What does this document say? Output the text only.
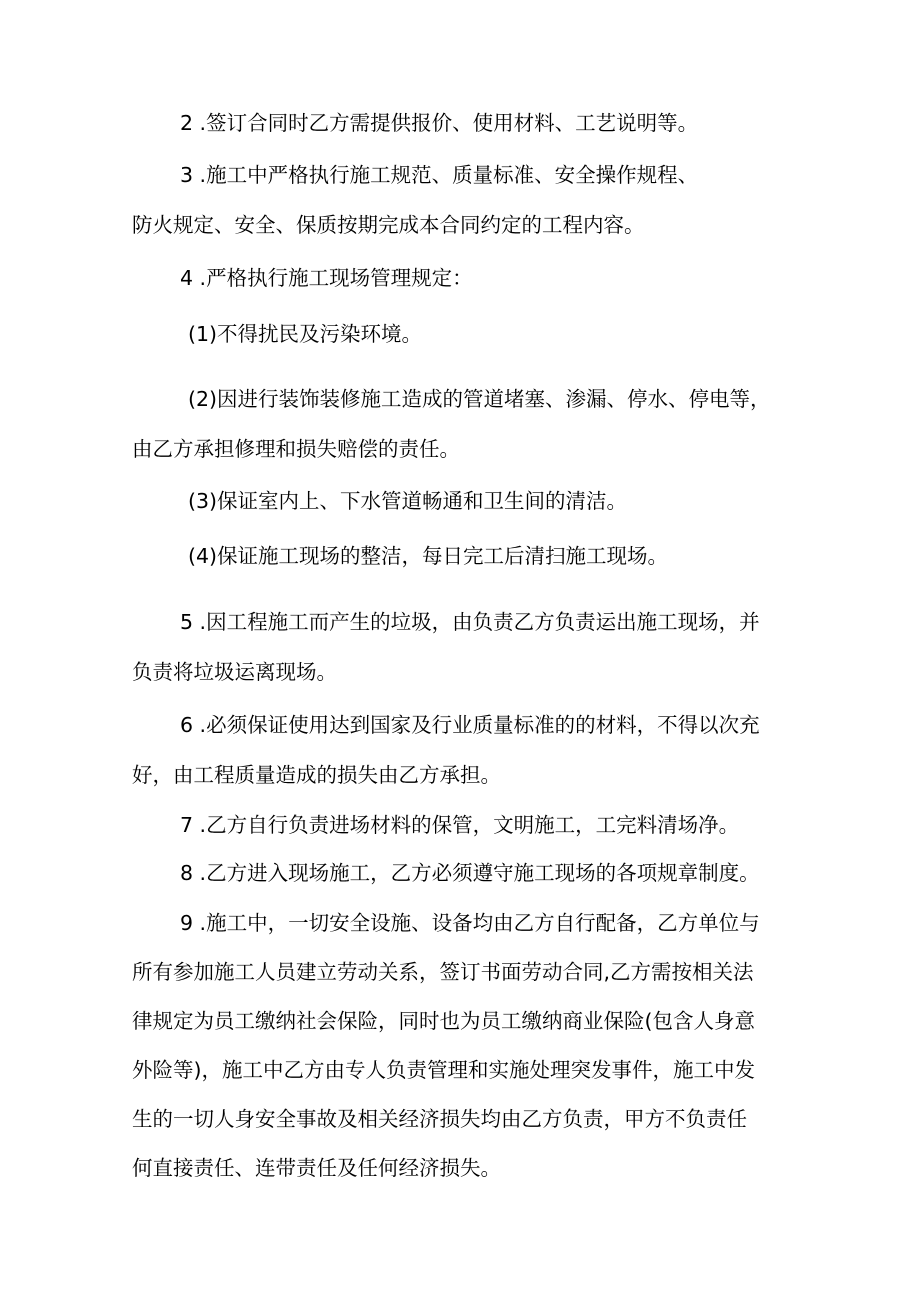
2 .签订合同时乙方需提供报价、使用材料、工艺说明等。
3 .施工中严格执行施工规范、质量标准、安全操作规程、
防火规定、安全、保质按期完成本合同约定的工程内容。
4 .严格执行施工现场管理规定：
(1)不得扰民及污染环境。
(2)因进行装饰装修施工造成的管道堵塞、渗漏、停水、停电等，
由乙方承担修理和损失赔偿的责任。
(3)保证室内上、下水管道畅通和卫生间的清洁。
(4)保证施工现场的整洁，每日完工后清扫施工现场。
5 .因工程施工而产生的垃圾，由负责乙方负责运出施工现场，并
负责将垃圾运离现场。
6 .必须保证使用达到国家及行业质量标准的的材料，不得以次充
好，由工程质量造成的损失由乙方承担。
7 .乙方自行负责进场材料的保管，文明施工，工完料清场净。
8 .乙方进入现场施工，乙方必须遵守施工现场的各项规章制度。
9 .施工中，一切安全设施、设备均由乙方自行配备，乙方单位与
所有参加施工人员建立劳动关系，签订书面劳动合同,乙方需按相关法
律规定为员工缴纳社会保险，同时也为员工缴纳商业保险(包含人身意
外险等)，施工中乙方由专人负责管理和实施处理突发事件，施工中发
生的一切人身安全事故及相关经济损失均由乙方负责，甲方不负责任
何直接责任、连带责任及任何经济损失。
